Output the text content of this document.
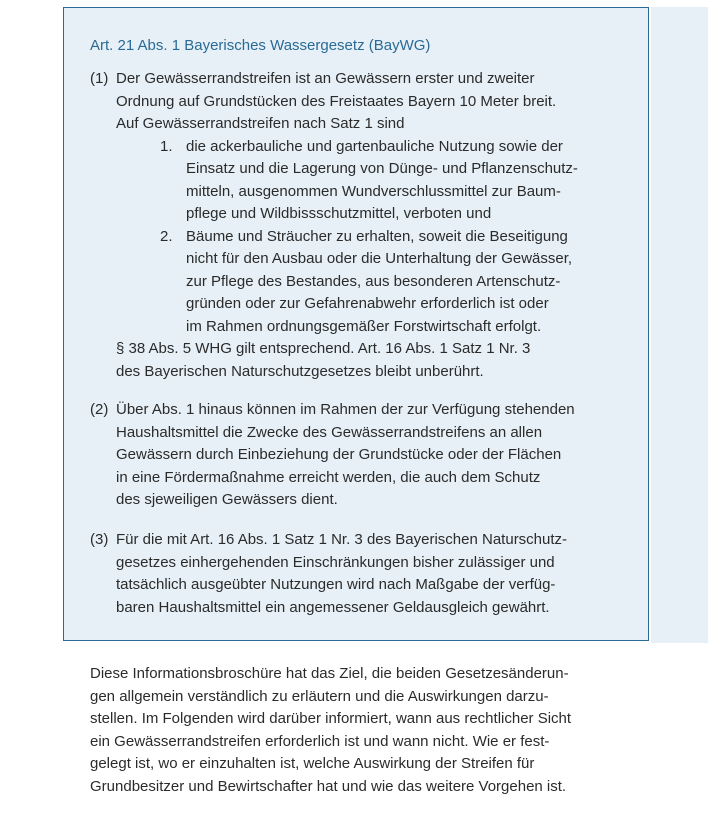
Art. 21 Abs. 1 Bayerisches Wassergesetz (BayWG)
(1) Der Gewässerrandstreifen ist an Gewässern erster und zweiter
Ordnung auf Grundstücken des Freistaates Bayern 10 Meter breit.
Auf Gewässerrandstreifen nach Satz 1 sind
1. die ackerbauliche und gartenbauliche Nutzung sowie der
Einsatz und die Lagerung von Dünge- und Pflanzenschutz-
mitteln, ausgenommen Wundverschlussmittel zur Baum-
pflege und Wildbissschutzmittel, verboten und
2. Bäume und Sträucher zu erhalten, soweit die Beseitigung
nicht für den Ausbau oder die Unterhaltung der Gewässer,
zur Pflege des Bestandes, aus besonderen Artenschutz-
gründen oder zur Gefahrenabwehr erforderlich ist oder
im Rahmen ordnungsgemäßer Forstwirtschaft erfolgt.
§ 38 Abs. 5 WHG gilt entsprechend. Art. 16 Abs. 1 Satz 1 Nr. 3
des Bayerischen Naturschutzgesetzes bleibt unberührt.
(2) Über Abs. 1 hinaus können im Rahmen der zur Verfügung stehenden
Haushaltsmittel die Zwecke des Gewässerrandstreifens an allen
Gewässern durch Einbeziehung der Grundstücke oder der Flächen
in eine Fördermaßnahme erreicht werden, die auch dem Schutz
des sjeweiligen Gewässers dient.
(3) Für die mit Art. 16 Abs. 1 Satz 1 Nr. 3 des Bayerischen Naturschutz-
gesetzes einhergehenden Einschränkungen bisher zulässiger und
tatsächlich ausgeübter Nutzungen wird nach Maßgabe der verfüg-
baren Haushaltsmittel ein angemessener Geldausgleich gewährt.
Diese Informationsbroschüre hat das Ziel, die beiden Gesetzesänderun-
gen allgemein verständlich zu erläutern und die Auswirkungen darzu-
stellen. Im Folgenden wird darüber informiert, wann aus rechtlicher Sicht
ein Gewässerrandstreifen erforderlich ist und wann nicht. Wie er fest-
gelegt ist, wo er einzuhalten ist, welche Auswirkung der Streifen für
Grundbesitzer und Bewirtschafter hat und wie das weitere Vorgehen ist.
